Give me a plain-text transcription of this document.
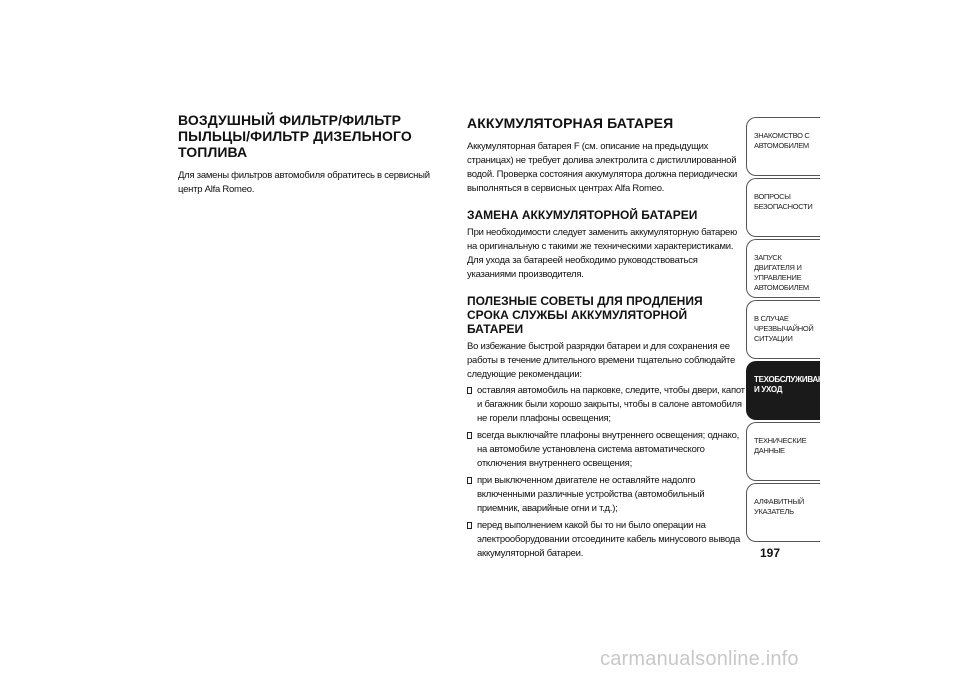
ВОЗДУШНЫЙ ФИЛЬТР/ФИЛЬТР ПЫЛЬЦЫ/ФИЛЬТР ДИЗЕЛЬНОГО ТОПЛИВА

Для замены фильтров автомобиля обратитесь в сервисный центр Alfa Romeo.

АККУМУЛЯТОРНАЯ БАТАРЕЯ

Аккумуляторная батарея F (см. описание на предыдущих страницах) не требует долива электролита с дистиллированной водой. Проверка состояния аккумулятора должна периодически выполняться в сервисных центрах Alfa Romeo.

ЗАМЕНА АККУМУЛЯТОРНОЙ БАТАРЕИ

При необходимости следует заменить аккумуляторную батарею на оригинальную с такими же техническими характеристиками. Для ухода за батареей необходимо руководствоваться указаниями производителя.

ПОЛЕЗНЫЕ СОВЕТЫ ДЛЯ ПРОДЛЕНИЯ СРОКА СЛУЖБЫ АККУМУЛЯТОРНОЙ БАТАРЕИ

Во избежание быстрой разрядки батареи и для сохранения ее работы в течение длительного времени тщательно соблюдайте следующие рекомендации:

оставляя автомобиль на парковке, следите, чтобы двери, капот и багажник были хорошо закрыты, чтобы в салоне автомобиля не горели плафоны освещения;
всегда выключайте плафоны внутреннего освещения; однако, на автомобиле установлена система автоматического отключения внутреннего освещения;
при выключенном двигателе не оставляйте надолго включенными различные устройства (автомобильный приемник, аварийные огни и т.д.);
перед выполнением какой бы то ни было операции на электрооборудовании отсоедините кабель минусового вывода аккумуляторной батареи.
ЗНАКОМСТВО С
АВТОМОБИЛЕМ
ВОПРОСЫ
БЕЗОПАСНОСТИ
ЗАПУСК ДВИГАТЕЛЯ И
УПРАВЛЕНИЕ
АВТОМОБИЛЕМ
В СЛУЧАЕ
ЧРЕЗВЫЧАЙНОЙ
СИТУАЦИИ
ТЕХОБСЛУЖИВАНИЕ
И УХОД
ТЕХНИЧЕСКИЕ
ДАННЫЕ
АЛФАВИТНЫЙ
УКАЗАТЕЛЬ
197
carmanualsonline.info
